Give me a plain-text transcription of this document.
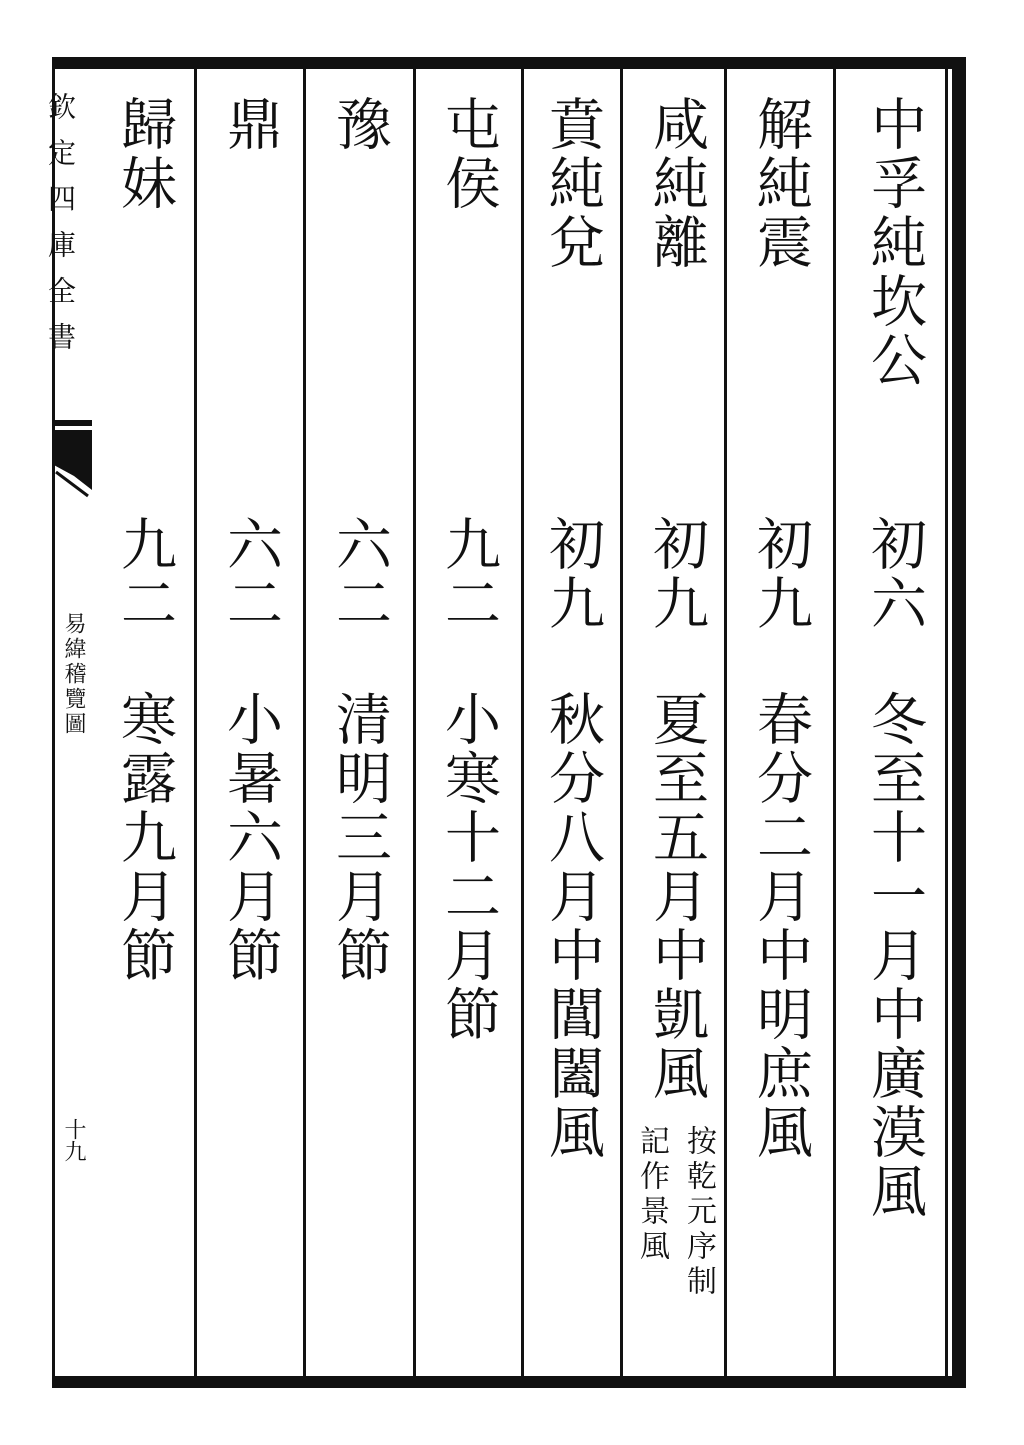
欽定四庫全書
易緯稽覽圖
十九
中孚純坎公
初六
冬至十一月中廣漠風
解純震
初九
春分二月中明庶風
咸純離
初九
夏至五月中凱風
按乾元序制
記作景風
賁純兌
初九
秋分八月中閶闔風
屯侯
九二
小寒十二月節
豫
六二
清明三月節
鼎
六二
小暑六月節
歸妹
九二
寒露九月節
